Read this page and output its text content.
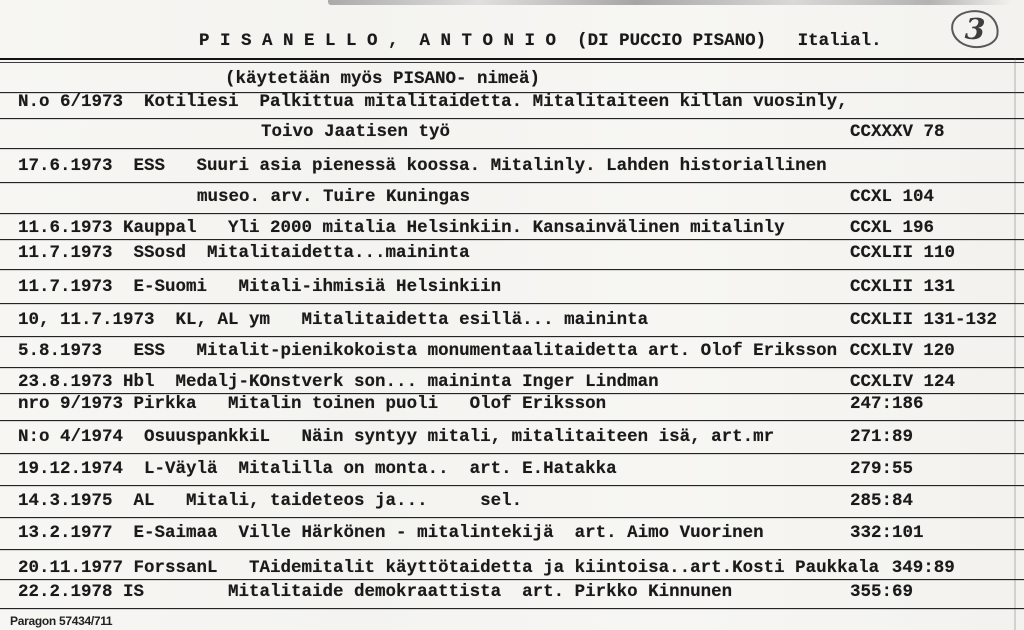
P I S A N E L L O ,  A N T O N I O  (DI PUCCIO PISANO)   Italial.
(käytetään myös PISANO- nimeä)
N.o 6/1973  Kotiliesi  Palkittua mitalitaidetta. Mitalitaiteen killan vuosinly,
Toivo Jaatisen työ	CCXXXV 78
17.6.1973  ESS   Suuri asia pienessä koossa. Mitalinly. Lahden historiallinen
museo. arv. Tuire Kuningas	CCXL 104
11.6.1973 Kauppal   Yli 2000 mitalia Helsinkiin. Kansainvälinen mitalinly	CCXL 196
11.7.1973  SSosd  Mitalitaidetta...maininta	CCXLII 110
11.7.1973  E-Suomi   Mitali-ihmisiä Helsinkiin	CCXLII 131
10, 11.7.1973  KL, AL ym   Mitalitaidetta esillä... maininta	CCXLII 131-132
5.8.1973   ESS   Mitalit-pienikokoista monumentaalitaidetta art. Olof Eriksson CCXLIV 120
23.8.1973 Hbl  Medalj-KOnstverk son... maininta Inger Lindman	CCXLIV 124
nro 9/1973 Pirkka   Mitalin toinen puoli   Olof Eriksson	247:186
N:o 4/1974  OsuuspankkiL   Näin syntyy mitali, mitalitaiteen isä, art.mr	271:89
19.12.1974  L-Väylä  Mitalilla on monta..  art. E.Hatakka	279:55
14.3.1975  AL   Mitali, taideteos ja...     sel.	285:84
13.2.1977  E-Saimaa  Ville Härkönen - mitalintekijä  art. Aimo Vuorinen	332:101
20.11.1977 ForssanL   TAidemitalit käyttötaidetta ja kiintoisa..art.Kosti Paukkala 349:89
22.2.1978 IS        Mitalitaide demokraattista  art. Pirkko Kinnunen	355:69
Paragon 57434/711
3
